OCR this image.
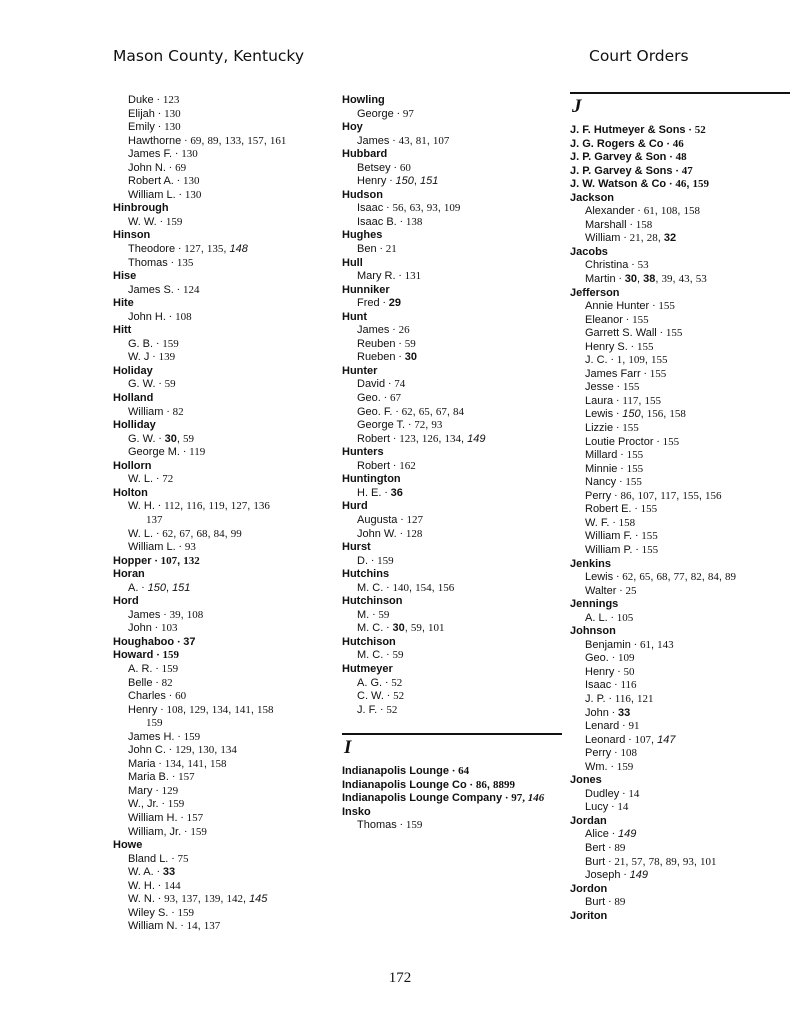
Mason County, Kentucky	Court Orders
Duke · 123
Elijah · 130
Emily · 130
Hawthorne · 69, 89, 133, 157, 161
James F. · 130
John N. · 69
Robert A. · 130
William L. · 130
Hinbrough
W. W. · 159
Hinson
Theodore · 127, 135, 148
Thomas · 135
Hise
James S. · 124
Hite
John H. · 108
Hitt
G. B. · 159
W. J · 139
Holiday
G. W. · 59
Holland
William · 82
Holliday
G. W. · 30, 59
George M. · 119
Hollorn
W. L. · 72
Holton
W. H. · 112, 116, 119, 127, 136
137
W. L. · 62, 67, 68, 84, 99
William L. · 93
Hopper · 107, 132
Horan
A. · 150, 151
Hord
James · 39, 108
John · 103
Houghaboo · 37
Howard · 159
A. R. · 159
Belle · 82
Charles · 60
Henry · 108, 129, 134, 141, 158
159
James H. · 159
John C. · 129, 130, 134
Maria · 134, 141, 158
Maria B. · 157
Mary · 129
W., Jr. · 159
William H. · 157
William, Jr. · 159
Howe
Bland L. · 75
W. A. · 33
W. H. · 144
W. N. · 93, 137, 139, 142, 145
Wiley S. · 159
William N. · 14, 137
Howling
George · 97
Hoy
James · 43, 81, 107
Hubbard
Betsey · 60
Henry · 150, 151
Hudson
Isaac · 56, 63, 93, 109
Isaac B. · 138
Hughes
Ben · 21
Hull
Mary R. · 131
Hunniker
Fred · 29
Hunt
James · 26
Reuben · 59
Rueben · 30
Hunter
David · 74
Geo. · 67
Geo. F. · 62, 65, 67, 84
George T. · 72, 93
Robert · 123, 126, 134, 149
Hunters
Robert · 162
Huntington
H. E. · 36
Hurd
Augusta · 127
John W. · 128
Hurst
D. · 159
Hutchins
M. C. · 140, 154, 156
Hutchinson
M. · 59
M. C. · 30, 59, 101
Hutchison
M. C. · 59
Hutmeyer
A. G. · 52
C. W. · 52
J. F. · 52
I
Indianapolis Lounge · 64
Indianapolis Lounge Co · 86, 8899
Indianapolis Lounge Company · 97, 146
Insko
Thomas · 159
J
J. F. Hutmeyer & Sons · 52
J. G. Rogers & Co · 46
J. P. Garvey & Son · 48
J. P. Garvey & Sons · 47
J. W. Watson & Co · 46, 159
Jackson
Alexander · 61, 108, 158
Marshall · 158
William · 21, 28, 32
Jacobs
Christina · 53
Martin · 30, 38, 39, 43, 53
Jefferson
Annie Hunter · 155
Eleanor · 155
Garrett S. Wall · 155
Henry S. · 155
J. C. · 1, 109, 155
James Farr · 155
Jesse · 155
Laura · 117, 155
Lewis · 150, 156, 158
Lizzie · 155
Loutie Proctor · 155
Millard · 155
Minnie · 155
Nancy · 155
Perry · 86, 107, 117, 155, 156
Robert E. · 155
W. F. · 158
William F. · 155
William P. · 155
Jenkins
Lewis · 62, 65, 68, 77, 82, 84, 89
Walter · 25
Jennings
A. L. · 105
Johnson
Benjamin · 61, 143
Geo. · 109
Henry · 50
Isaac · 116
J. P. · 116, 121
John · 33
Lenard · 91
Leonard · 107, 147
Perry · 108
Wm. · 159
Jones
Dudley · 14
Lucy · 14
Jordan
Alice · 149
Bert · 89
Burt · 21, 57, 78, 89, 93, 101
Joseph · 149
Jordon
Burt · 89
Joriton
172
